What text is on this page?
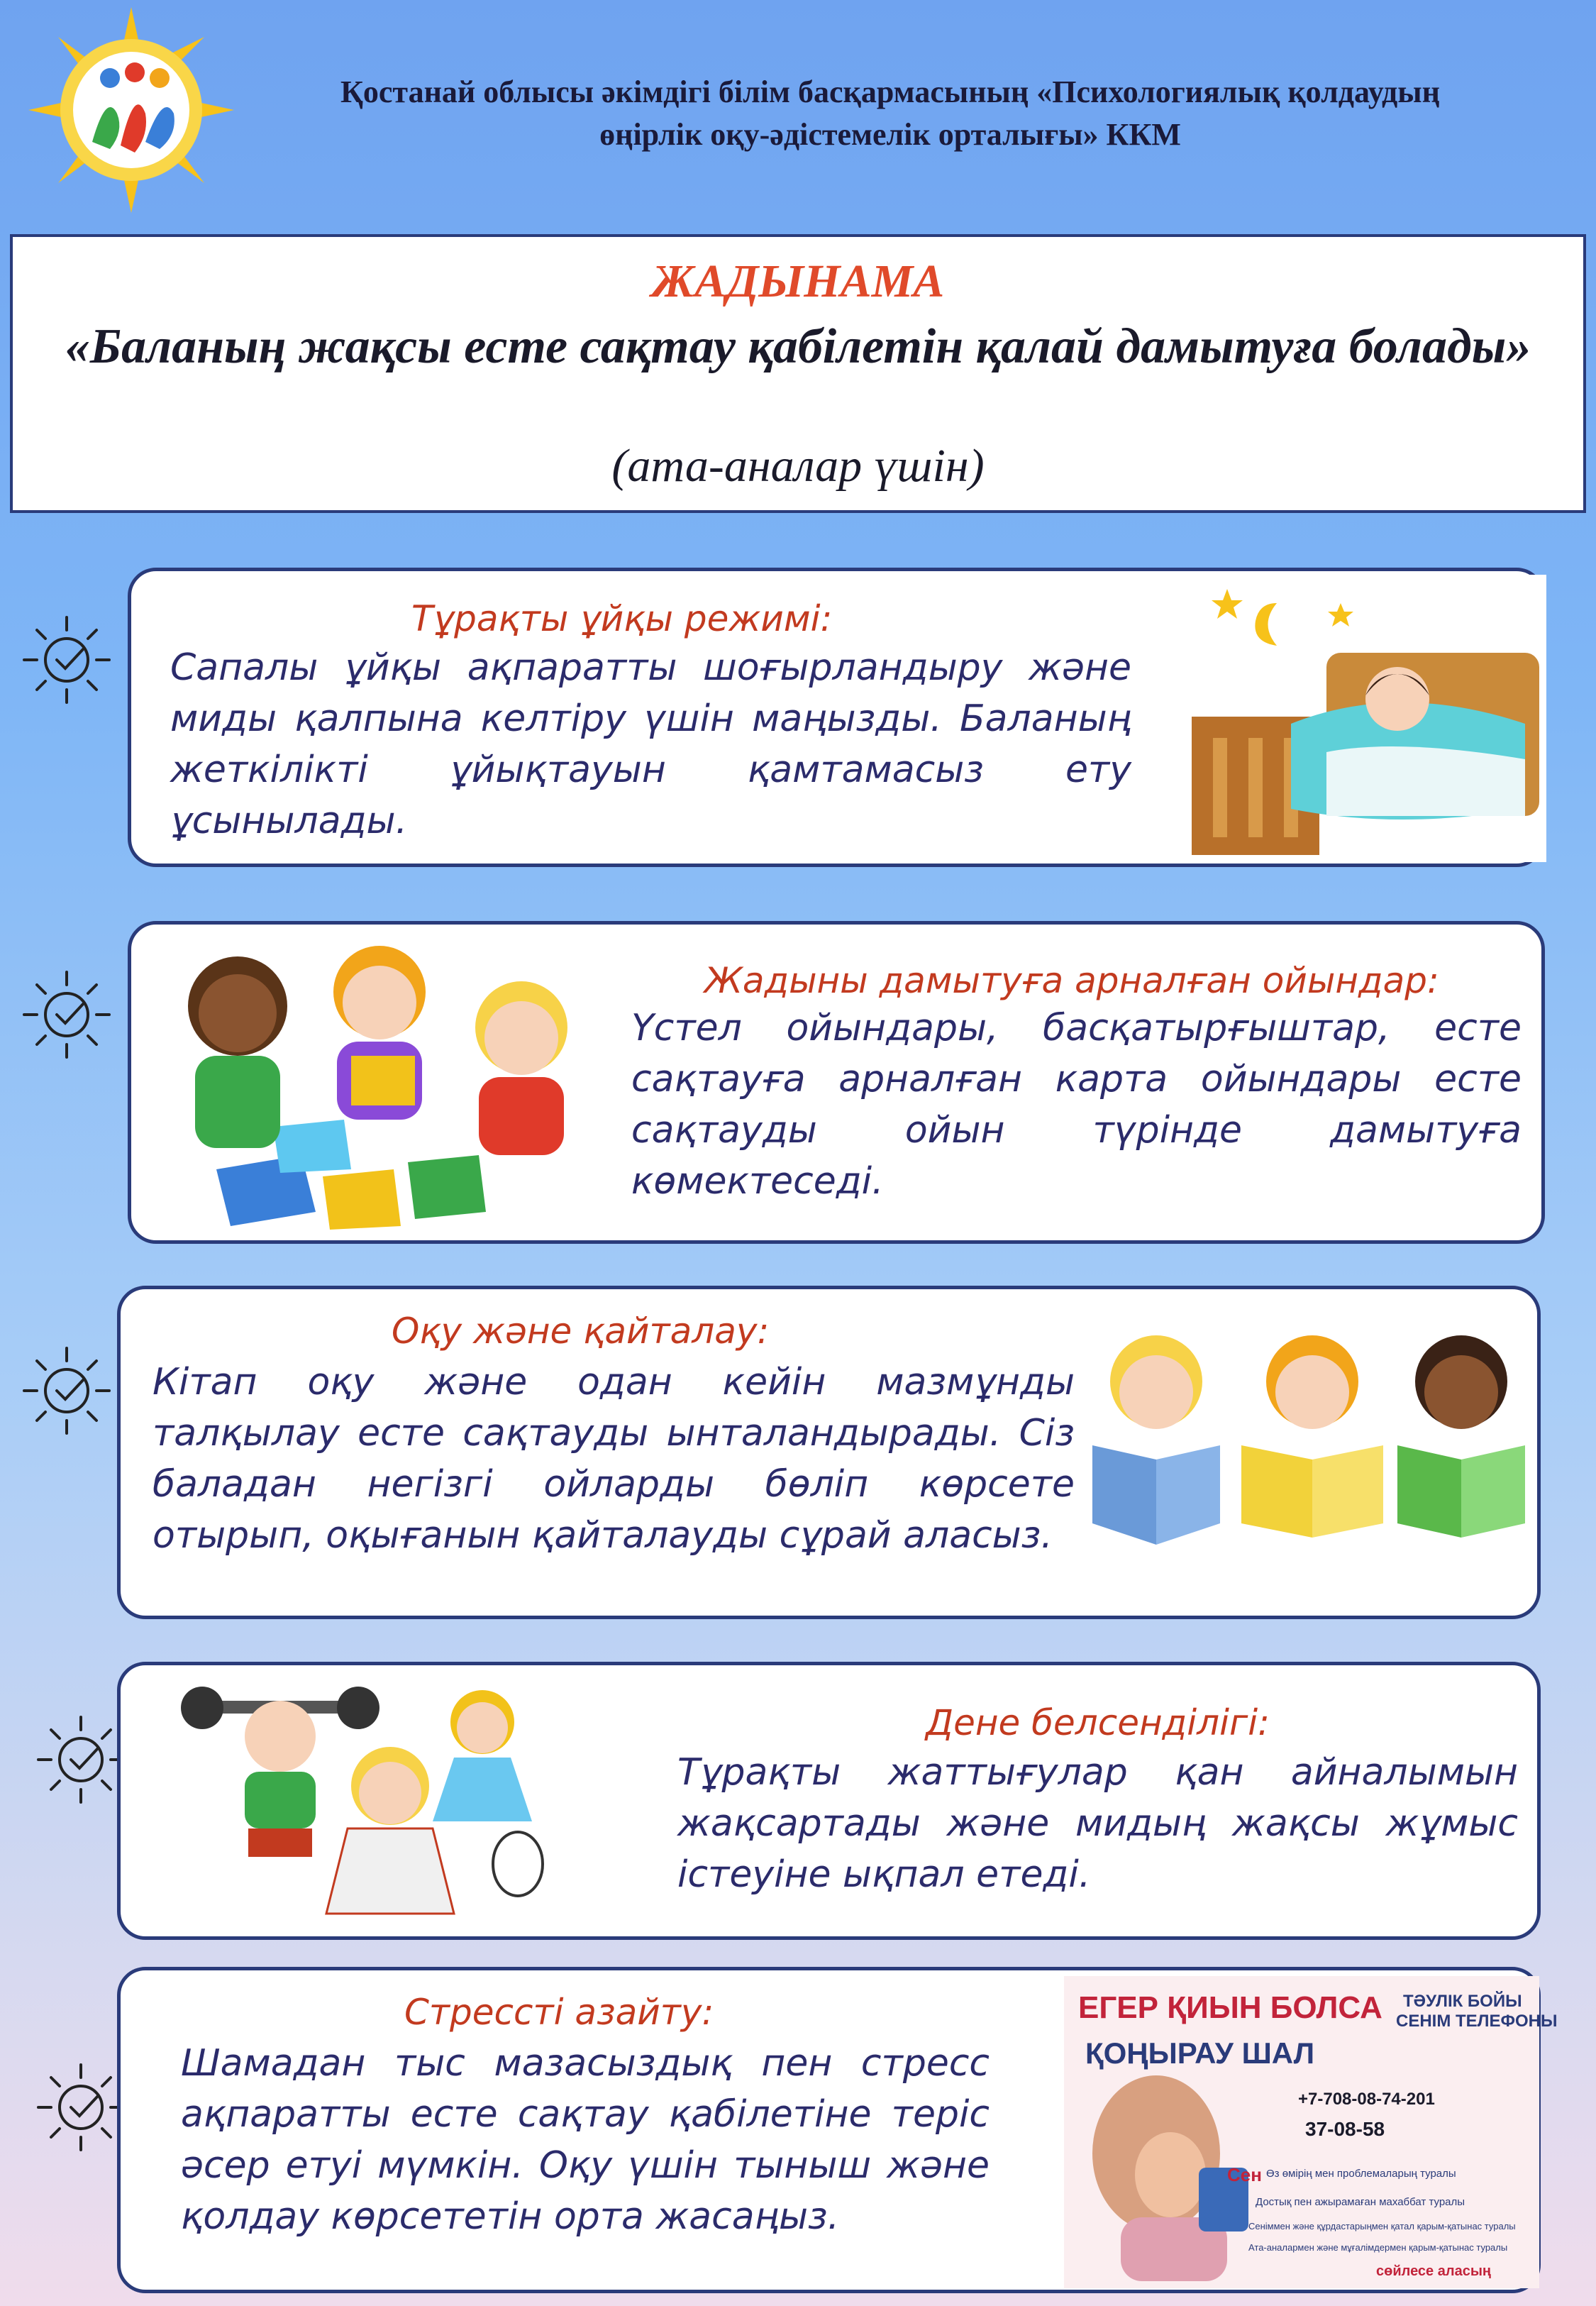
Қостанай облысы әкімдігі білім басқармасының «Психологиялық қолдаудың
өңірлік оқу-әдістемелік орталығы» ККМ
ЖАДЫНАМА
«Баланың жақсы есте сақтау қабілетін қалай дамытуға болады»
(ата-аналар үшін)
Тұрақты ұйқы режимі:
Сапалы ұйқы ақпаратты шоғырландыру және миды қалпына келтіру үшін маңызды. Баланың жеткілікті ұйықтауын қамтамасыз ету ұсынылады.
Жадыны дамытуға арналған ойындар:
Үстел ойындары, басқатырғыштар, есте сақтауға арналған карта ойындары есте сақтауды ойын түрінде дамытуға көмектеседі.
Оқу және қайталау:
Кітап оқу және одан кейін мазмұнды талқылау есте сақтауды ынталандырады. Сіз баладан негізгі ойларды бөліп көрсете отырып, оқығанын қайталауды сұрай аласыз.
Дене белсенділігі:
Тұрақты жаттығулар қан айналымын жақсартады және мидың жақсы жұмыс істеуіне ықпал етеді.
Стрессті азайту:
Шамадан тыс мазасыздық пен стресс ақпаратты есте сақтау қабілетіне теріс әсер етуі мүмкін. Оқу үшін тыныш және қолдау көрсететін орта жасаңыз.
ЕГЕР ҚИЫН БОЛСА
ҚОҢЫРАУ ШАЛ
ТӘУЛІК БОЙЫ
СЕНІМ ТЕЛЕФОНЫ
+7-708-08-74-201
37-08-58
Сен Өз өмірің мен проблемаларың туралы
Достық пен ажырамаған махаббат туралы
Сеніммен және құрдастарыңмен қатал қарым-қатынас туралы
Ата-аналармен және мұғалімдермен қарым-қатынас туралы
сөйлесе аласың
